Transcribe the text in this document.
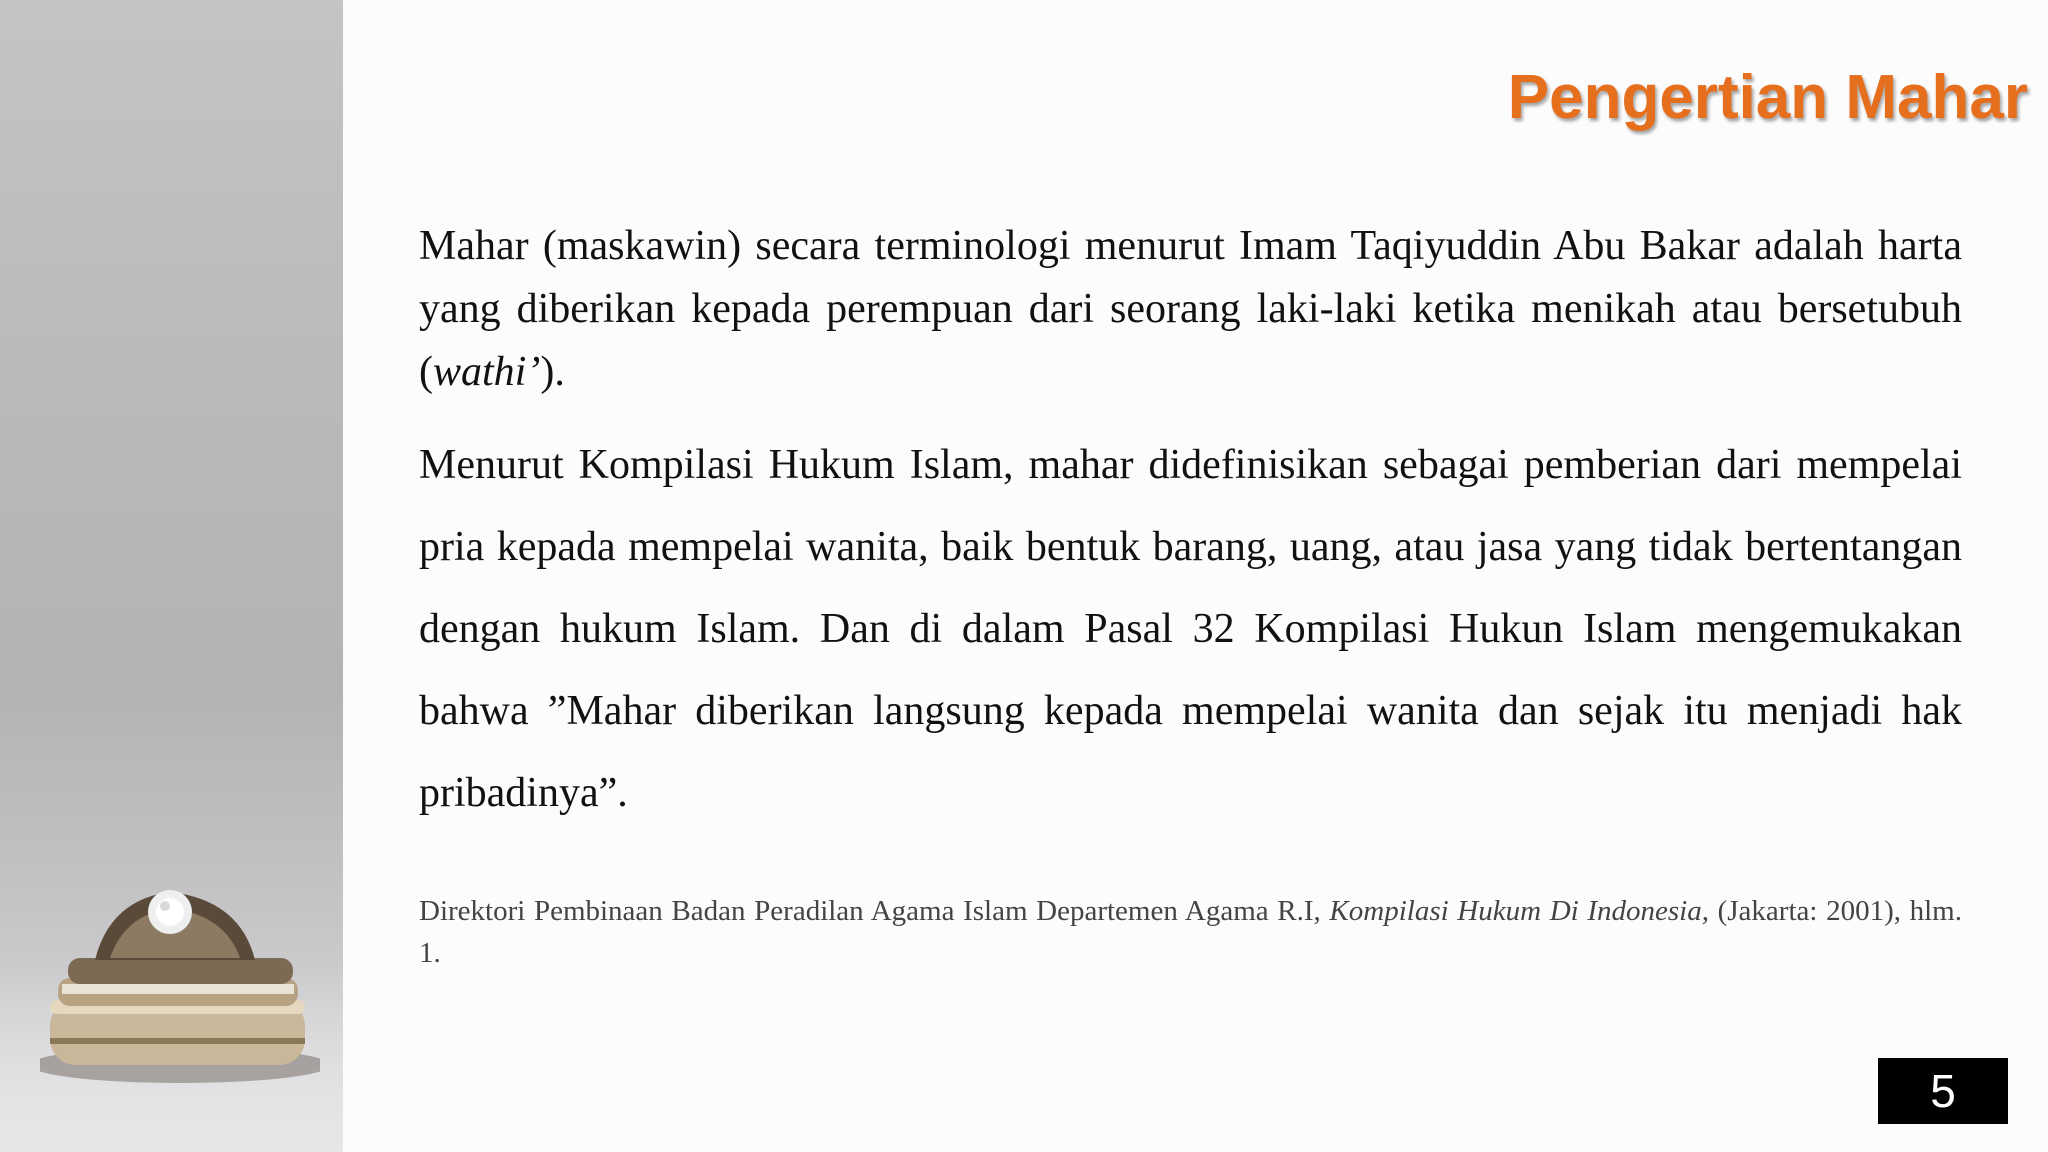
Pengertian Mahar

Mahar (maskawin) secara terminologi menurut Imam Taqiyuddin Abu Bakar adalah harta yang diberikan kepada perempuan dari seorang laki-laki ketika menikah atau bersetubuh (wathi’).

Menurut Kompilasi Hukum Islam, mahar didefinisikan sebagai pemberian dari mempelai pria kepada mempelai wanita, baik bentuk barang, uang, atau jasa yang tidak bertentangan dengan hukum Islam. Dan di dalam Pasal 32 Kompilasi Hukun Islam mengemukakan bahwa ”Mahar diberikan langsung kepada mempelai wanita dan sejak itu menjadi hak pribadinya”.

Direktori Pembinaan Badan Peradilan Agama Islam Departemen Agama R.I, Kompilasi Hukum Di Indonesia, (Jakarta: 2001), hlm. 1.

5
